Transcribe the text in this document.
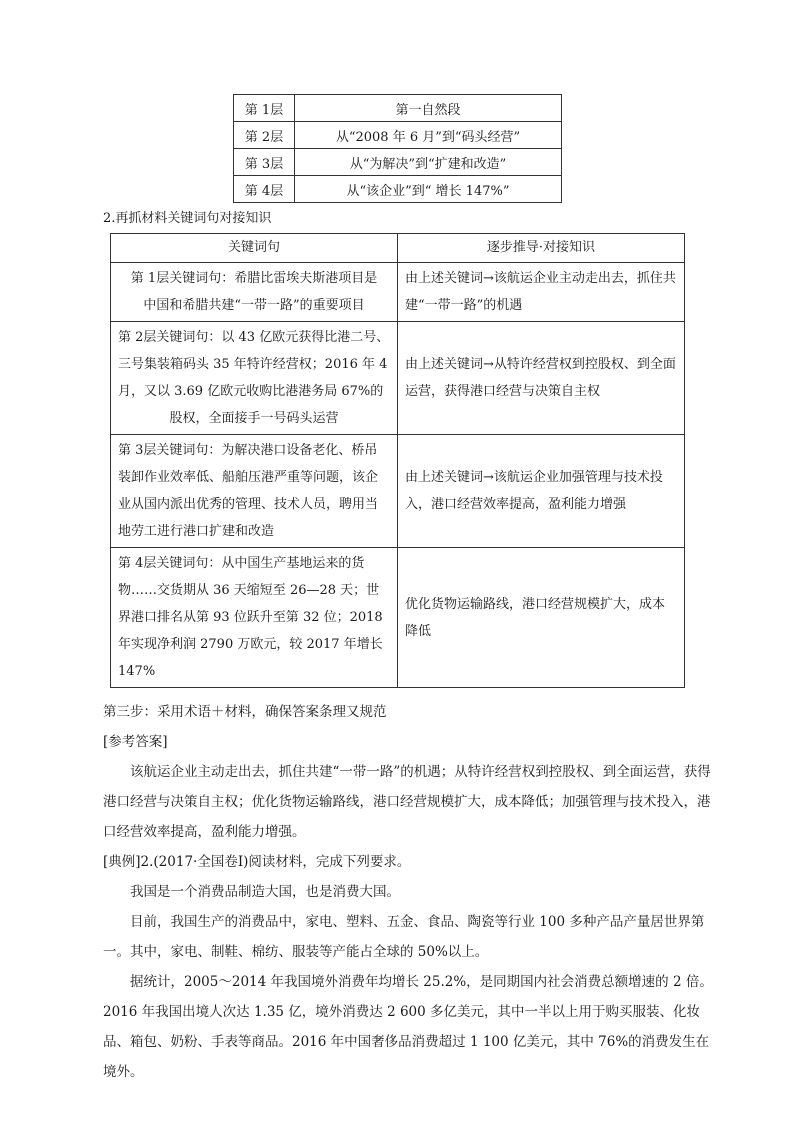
第 1层	第一自然段
第 2层	从“2008 年 6 月”到“码头经营”
第 3层	从“为解决”到“扩建和改造”
第 4层	从“该企业”到“ 增长 147%”
2.再抓材料关键词句对接知识
关键词句	逐步推导·对接知识

第 1层关键词句：希腊比雷埃夫斯港项目是
中国和希腊共建“一带一路”的重要项目	由上述关键词→该航运企业主动走出去，抓住共建“一带一路”的机遇

第 2层关键词句：以 43 亿欧元获得比港二号、三号集装箱码头 35 年特许经营权；2016 年 4 月，又以 3.69 亿欧元收购比港港务局 67%的
股权，全面接手一号码头运营	由上述关键词→从特许经营权到控股权、到全面运营，获得港口经营与决策自主权

第 3层关键词句：为解决港口设备老化、桥吊装卸作业效率低、船舶压港严重等问题，该企业从国内派出优秀的管理、技术人员，聘用当地劳工进行港口扩建和改造	由上述关键词→该航运企业加强管理与技术投入，港口经营效率提高，盈利能力增强

第 4层关键词句：从中国生产基地运来的货物……交货期从 36 天缩短至 26—28 天；世界港口排名从第 93 位跃升至第 32 位；2018 年实现净利润 2790 万欧元，较 2017 年增长 147%	优化货物运输路线，港口经营规模扩大，成本降低

第三步：采用术语＋材料，确保答案条理又规范

[参考答案]

该航运企业主动走出去，抓住共建“一带一路”的机遇；从特许经营权到控股权、到全面运营，获得港口经营与决策自主权；优化货物运输路线，港口经营规模扩大，成本降低；加强管理与技术投入，港口经营效率提高，盈利能力增强。

[典例]2.(2017·全国卷Ⅰ)阅读材料，完成下列要求。

我国是一个消费品制造大国，也是消费大国。

目前，我国生产的消费品中，家电、塑料、五金、食品、陶瓷等行业 100 多种产品产量居世界第一。其中，家电、制鞋、棉纺、服装等产能占全球的 50%以上。

据统计，2005～2014 年我国境外消费年均增长 25.2%，是同期国内社会消费总额增速的 2 倍。2016 年我国出境人次达 1.35 亿，境外消费达 2 600 多亿美元，其中一半以上用于购买服装、化妆品、箱包、奶粉、手表等商品。2016 年中国奢侈品消费超过 1 100 亿美元，其中 76%的消费发生在境外。
